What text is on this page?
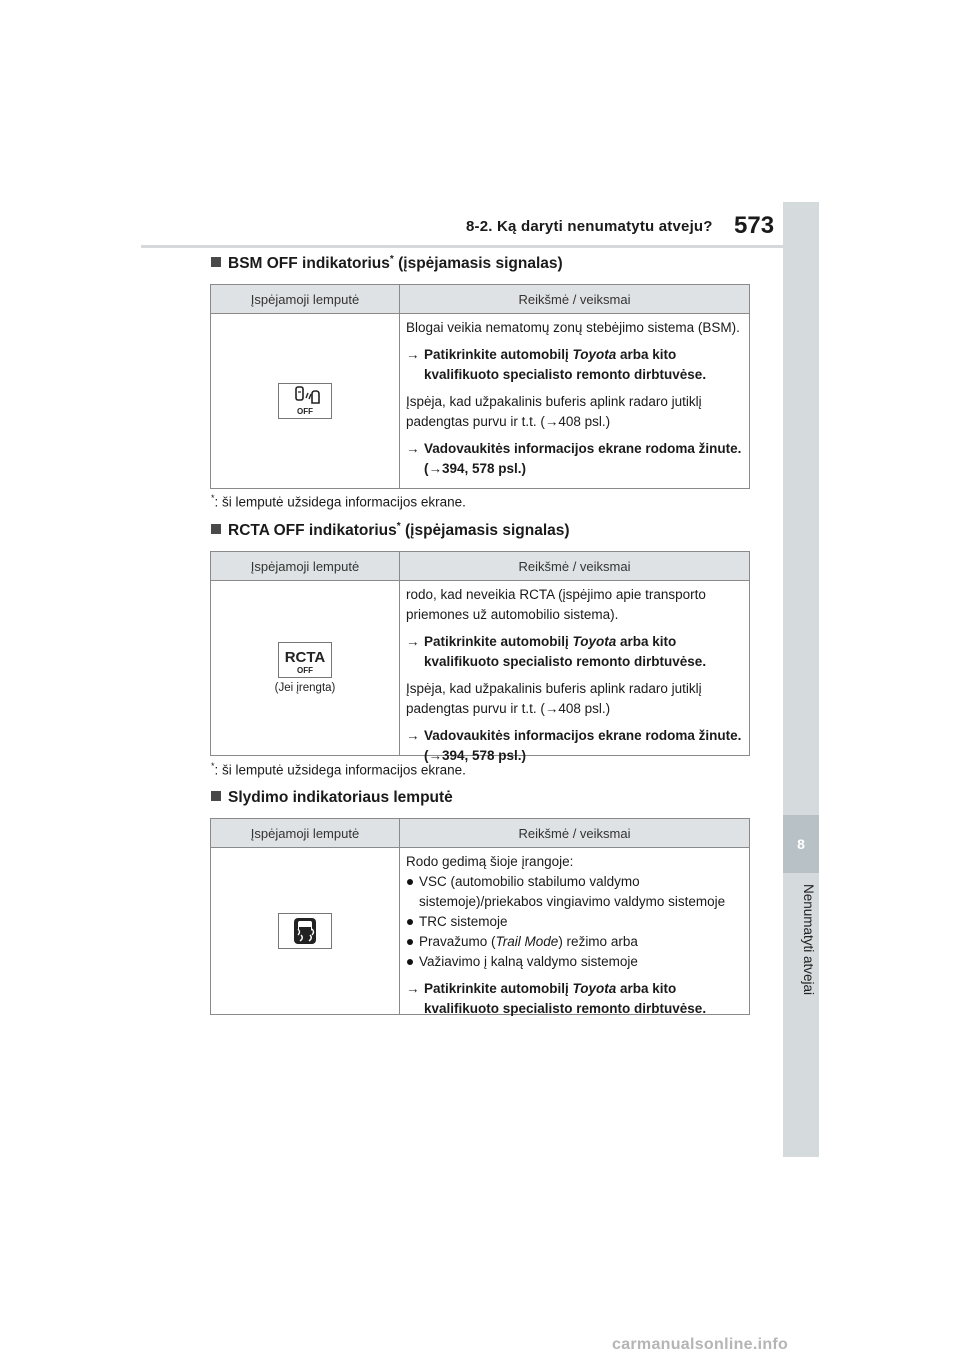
8-2. Ką daryti nenumatytu atveju? 573
8
Nenumatyti atvejai
BSM OFF indikatorius* (įspėjamasis signalas)
Įspėjamoji lemputė	Reikšmė / veiksmai
OFF

Blogai veikia nematomų zonų stebėjimo sistema (BSM).

→ Patikrinkite automobilį Toyota arba kito kvalifikuoto specialisto remonto dirbtuvėse.

Įspėja, kad užpakalinis buferis aplink radaro jutiklį padengtas purvu ir t.t. (→408 psl.)

→ Vadovaukitės informacijos ekrane rodoma žinute. (→394, 578 psl.)
*: ši lemputė užsidega informacijos ekrane.
RCTA OFF indikatorius* (įspėjamasis signalas)
Įspėjamoji lemputė	Reikšmė / veiksmai
RCTA
OFF
(Jei įrengta)

rodo, kad neveikia RCTA (įspėjimo apie transporto priemones už automobilio sistema).

→ Patikrinkite automobilį Toyota arba kito kvalifikuoto specialisto remonto dirbtuvėse.

Įspėja, kad užpakalinis buferis aplink radaro jutiklį padengtas purvu ir t.t. (→408 psl.)

→ Vadovaukitės informacijos ekrane rodoma žinute. (→394, 578 psl.)
*: ši lemputė užsidega informacijos ekrane.
Slydimo indikatoriaus lemputė
Įspėjamoji lemputė	Reikšmė / veiksmai

Rodo gedimą šioje įrangoje:

VSC (automobilio stabilumo valdymo sistemoje)/priekabos vingiavimo valdymo sistemoje
TRC sistemoje
Pravažumo (Trail Mode) režimo arba
Važiavimo į kalną valdymo sistemoje
→ Patikrinkite automobilį Toyota arba kito kvalifikuoto specialisto remonto dirbtuvėse.
carmanualsonline.info
